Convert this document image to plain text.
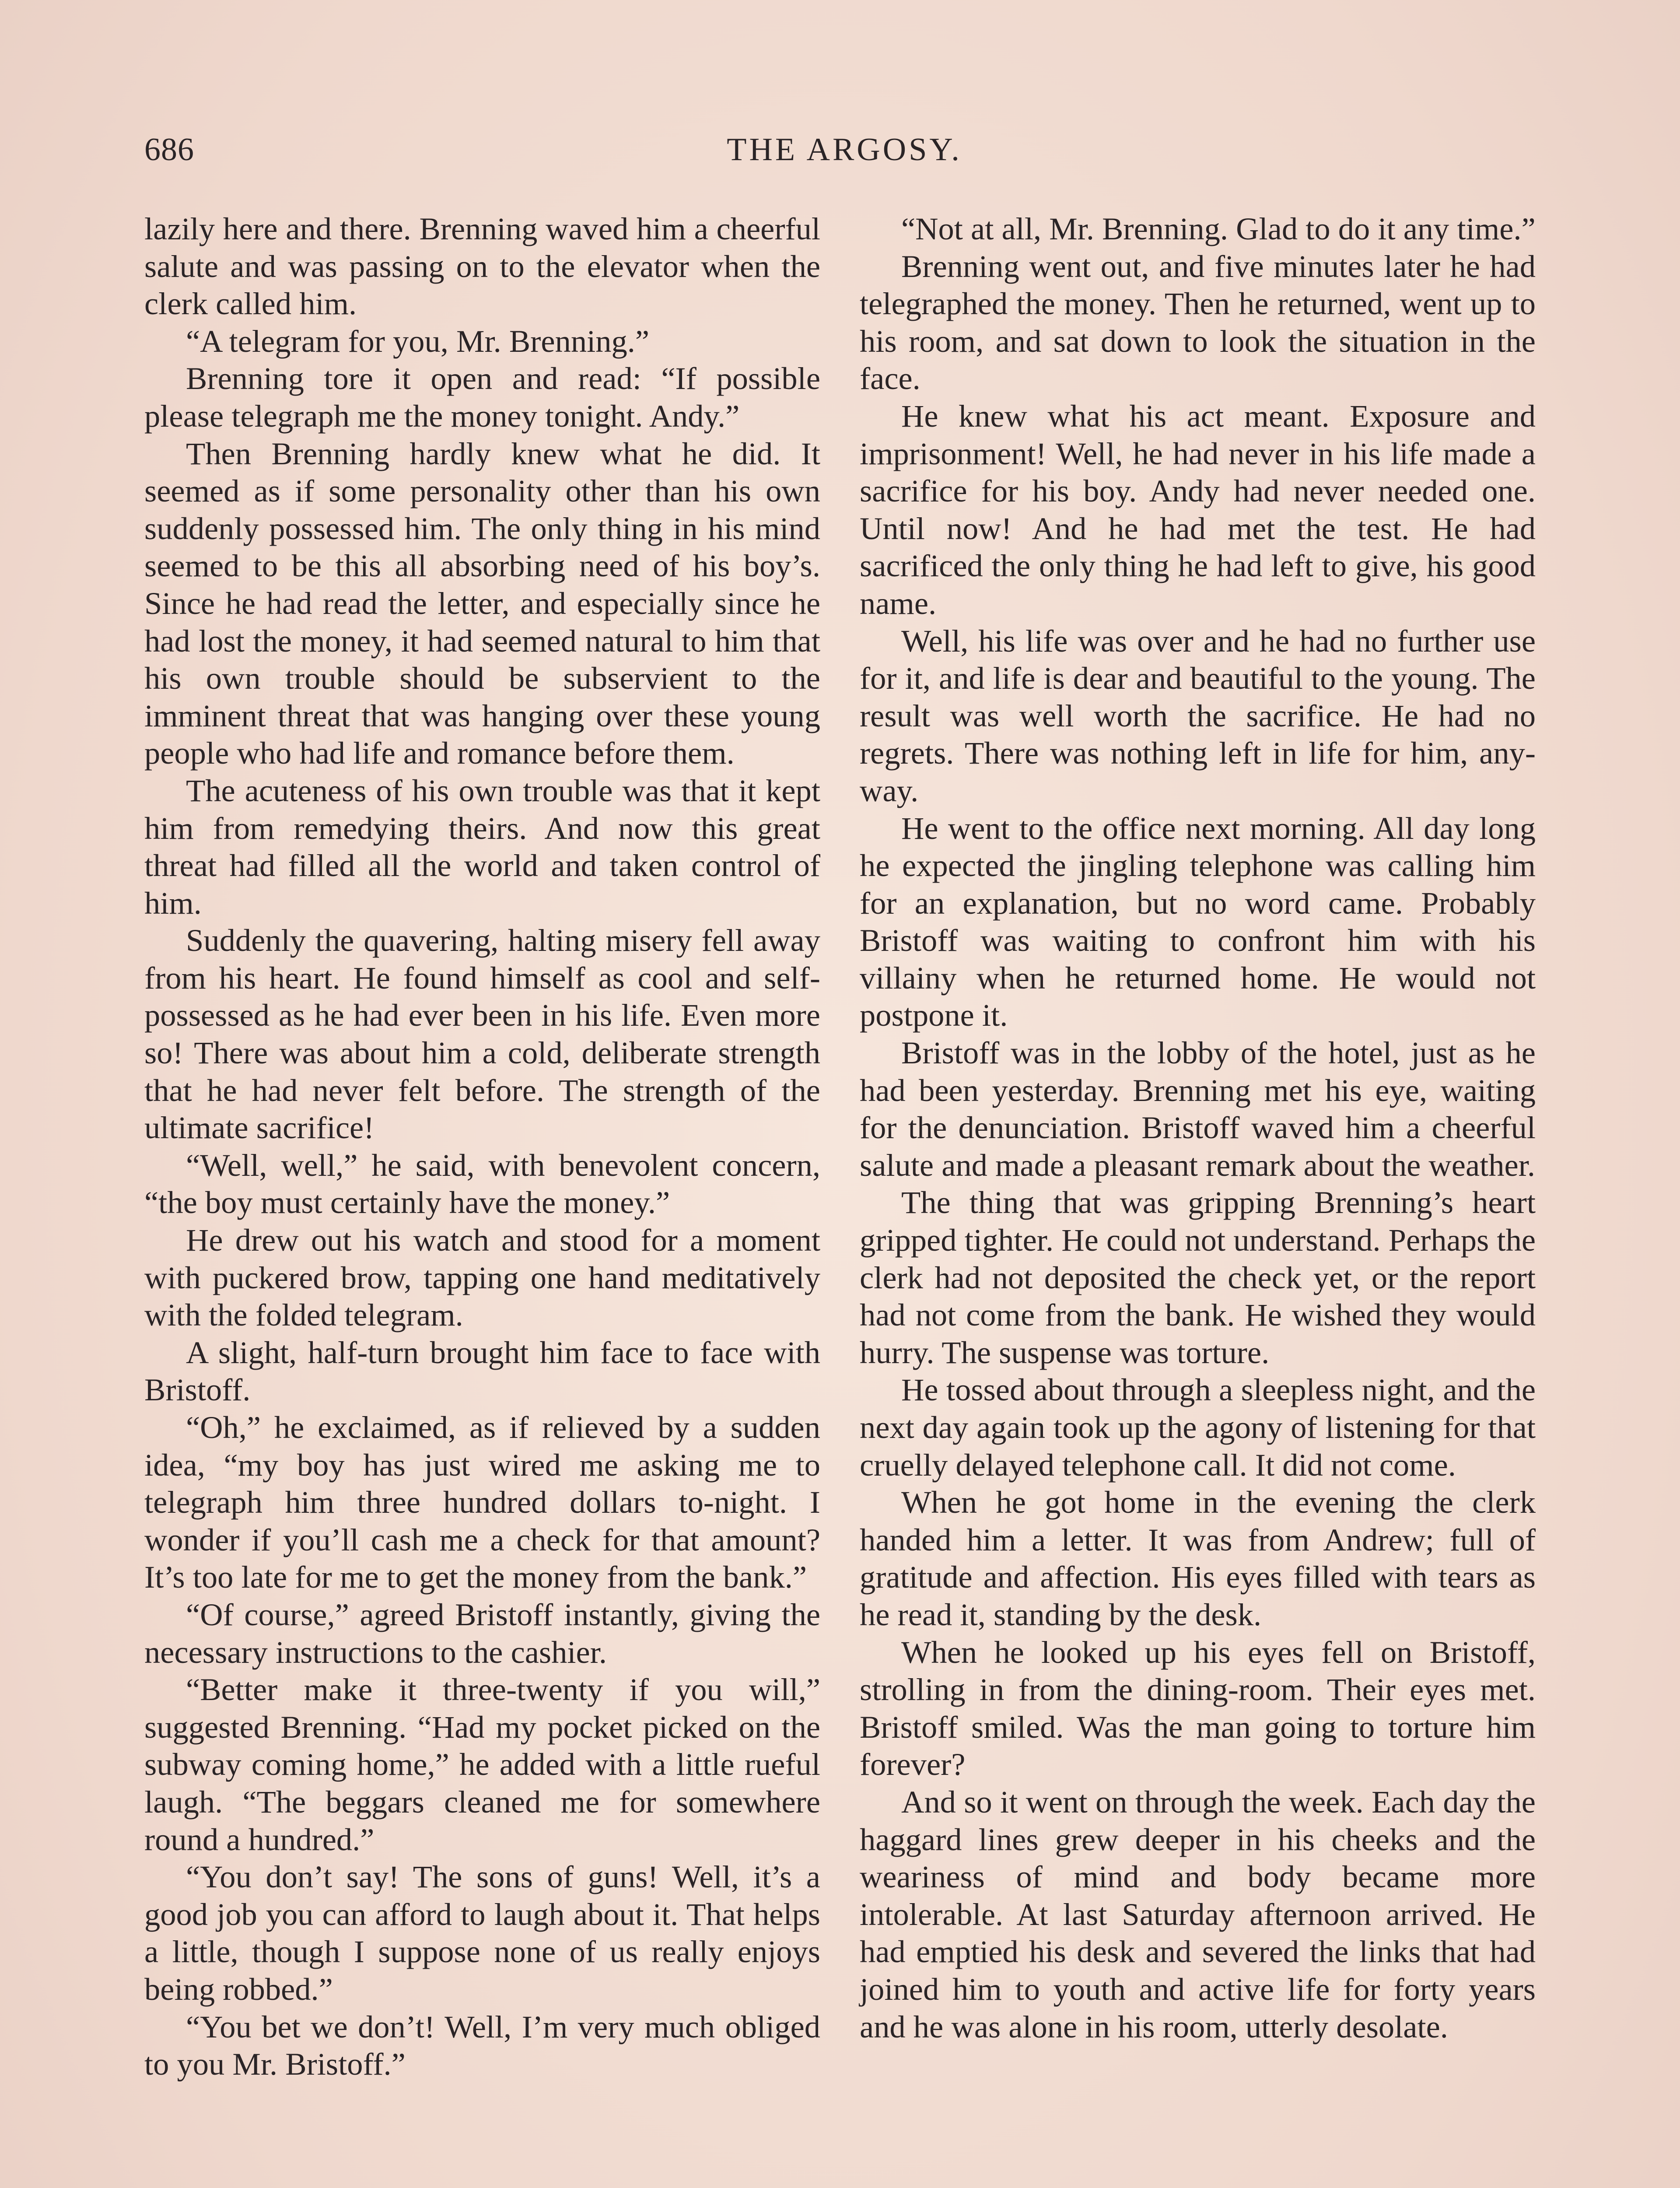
686	THE ARGOSY.

lazily here and there. Brenning waved him a cheerful salute and was passing on to the elevator when the clerk called him.

“A telegram for you, Mr. Brenning.”

Brenning tore it open and read: “If possible please telegraph me the money tonight. Andy.”

Then Brenning hardly knew what he did. It seemed as if some personality other than his own suddenly possessed him. The only thing in his mind seemed to be this all absorbing need of his boy’s. Since he had read the letter, and especially since he had lost the money, it had seemed natural to him that his own trouble should be subservient to the imminent threat that was hanging over these young people who had life and romance before them.

The acuteness of his own trouble was that it kept him from remedying theirs. And now this great threat had filled all the world and taken control of him.

Suddenly the quavering, halting misery fell away from his heart. He found himself as cool and self-possessed as he had ever been in his life. Even more so! There was about him a cold, deliberate strength that he had never felt before. The strength of the ultimate sacrifice!

“Well, well,” he said, with benevolent concern, “the boy must certainly have the money.”

He drew out his watch and stood for a moment with puckered brow, tapping one hand meditatively with the folded telegram.

A slight, half-turn brought him face to face with Bristoff.

“Oh,” he exclaimed, as if relieved by a sudden idea, “my boy has just wired me asking me to telegraph him three hundred dollars to-night. I wonder if you’ll cash me a check for that amount? It’s too late for me to get the money from the bank.”

“Of course,” agreed Bristoff instantly, giving the necessary instructions to the cashier.

“Better make it three-twenty if you will,” suggested Brenning. “Had my pocket picked on the subway coming home,” he added with a little rueful laugh. “The beggars cleaned me for somewhere round a hundred.”

“You don’t say! The sons of guns! Well, it’s a good job you can afford to laugh about it. That helps a little, though I suppose none of us really enjoys being robbed.”

“You bet we don’t! Well, I’m very much obliged to you Mr. Bristoff.”

“Not at all, Mr. Brenning. Glad to do it any time.”

Brenning went out, and five minutes later he had telegraphed the money. Then he returned, went up to his room, and sat down to look the situation in the face.

He knew what his act meant. Exposure and imprisonment! Well, he had never in his life made a sacrifice for his boy. Andy had never needed one. Until now! And he had met the test. He had sacrificed the only thing he had left to give, his good name.

Well, his life was over and he had no further use for it, and life is dear and beautiful to the young. The result was well worth the sacrifice. He had no regrets. There was nothing left in life for him, anyway.

He went to the office next morning. All day long he expected the jingling telephone was calling him for an explanation, but no word came. Probably Bristoff was waiting to confront him with his villainy when he returned home. He would not postpone it.

Bristoff was in the lobby of the hotel, just as he had been yesterday. Brenning met his eye, waiting for the denunciation. Bristoff waved him a cheerful salute and made a pleasant remark about the weather.

The thing that was gripping Brenning’s heart gripped tighter. He could not understand. Perhaps the clerk had not deposited the check yet, or the report had not come from the bank. He wished they would hurry. The suspense was torture.

He tossed about through a sleepless night, and the next day again took up the agony of listening for that cruelly delayed telephone call. It did not come.

When he got home in the evening the clerk handed him a letter. It was from Andrew; full of gratitude and affection. His eyes filled with tears as he read it, standing by the desk.

When he looked up his eyes fell on Bristoff, strolling in from the dining-room. Their eyes met. Bristoff smiled. Was the man going to torture him forever?

And so it went on through the week. Each day the haggard lines grew deeper in his cheeks and the weariness of mind and body became more intolerable. At last Saturday afternoon arrived. He had emptied his desk and severed the links that had joined him to youth and active life for forty years and he was alone in his room, utterly desolate.
